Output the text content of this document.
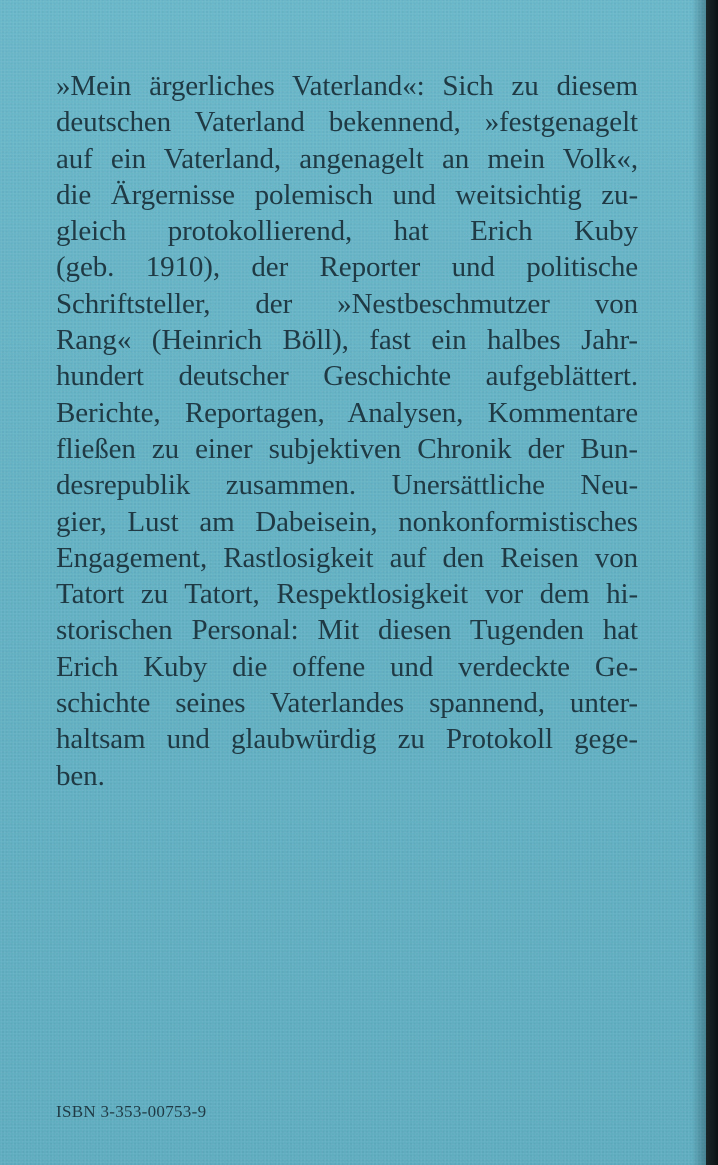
»Mein ärgerliches Vaterland«: Sich zu diesem
deutschen Vaterland bekennend, »festgenagelt
auf ein Vaterland, angenagelt an mein Volk«,
die Ärgernisse polemisch und weitsichtig zu-
gleich protokollierend, hat Erich Kuby
(geb. 1910), der Reporter und politische
Schriftsteller, der »Nestbeschmutzer von
Rang« (Heinrich Böll), fast ein halbes Jahr-
hundert deutscher Geschichte aufgeblättert.
Berichte, Reportagen, Analysen, Kommentare
fließen zu einer subjektiven Chronik der Bun-
desrepublik zusammen. Unersättliche Neu-
gier, Lust am Dabeisein, nonkonformistisches
Engagement, Rastlosigkeit auf den Reisen von
Tatort zu Tatort, Respektlosigkeit vor dem hi-
storischen Personal: Mit diesen Tugenden hat
Erich Kuby die offene und verdeckte Ge-
schichte seines Vaterlandes spannend, unter-
haltsam und glaubwürdig zu Protokoll gege-
ben.

ISBN 3-353-00753-9
